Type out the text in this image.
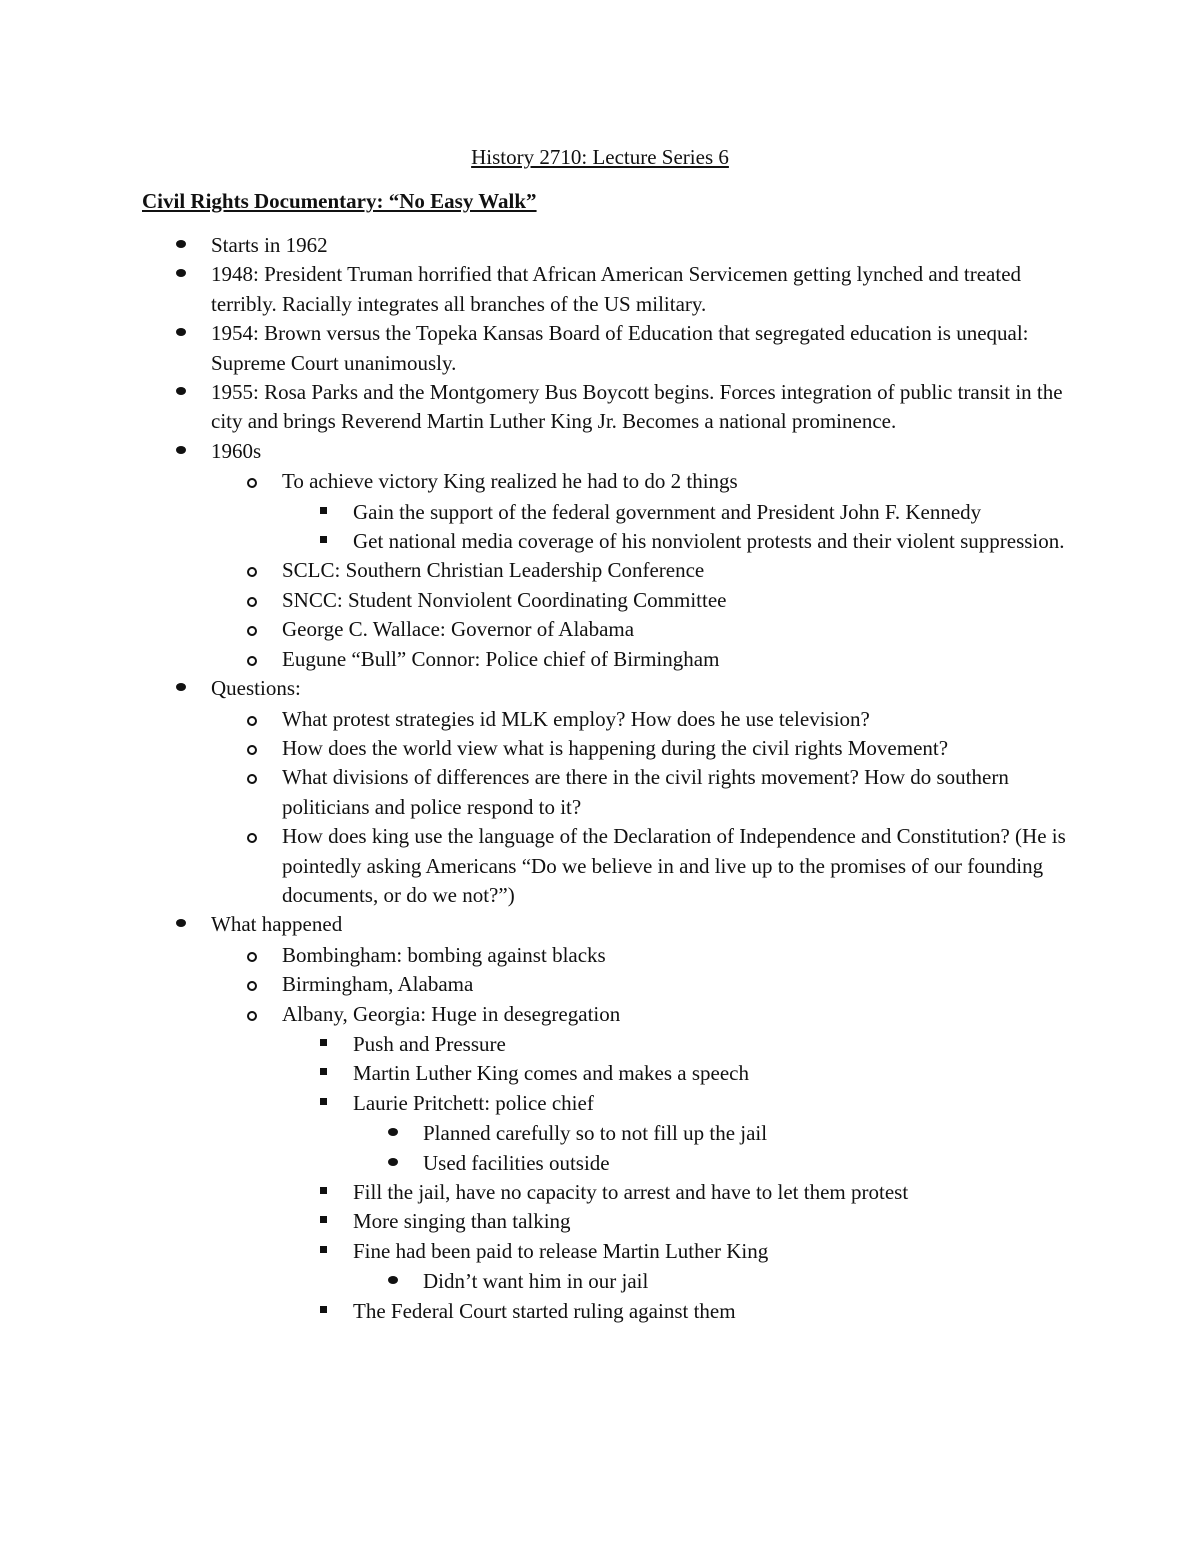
History 2710: Lecture Series 6
Civil Rights Documentary: “No Easy Walk”
Starts in 1962
1948: President Truman horrified that African American Servicemen getting lynched and treated terribly. Racially integrates all branches of the US military.
1954: Brown versus the Topeka Kansas Board of Education that segregated education is unequal: Supreme Court unanimously.
1955: Rosa Parks and the Montgomery Bus Boycott begins. Forces integration of public transit in the city and brings Reverend Martin Luther King Jr. Becomes a national prominence.
1960s
To achieve victory King realized he had to do 2 things
Gain the support of the federal government and President John F. Kennedy
Get national media coverage of his nonviolent protests and their violent suppression.
SCLC: Southern Christian Leadership Conference
SNCC: Student Nonviolent Coordinating Committee
George C. Wallace: Governor of Alabama
Eugune “Bull” Connor: Police chief of Birmingham
Questions:
What protest strategies id MLK employ? How does he use television?
How does the world view what is happening during the civil rights Movement?
What divisions of differences are there in the civil rights movement? How do southern politicians and police respond to it?
How does king use the language of the Declaration of Independence and Constitution? (He is pointedly asking Americans “Do we believe in and live up to the promises of our founding documents, or do we not?”)
What happened
Bombingham: bombing against blacks
Birmingham, Alabama
Albany, Georgia: Huge in desegregation
Push and Pressure
Martin Luther King comes and makes a speech
Laurie Pritchett: police chief
Planned carefully so to not fill up the jail
Used facilities outside
Fill the jail, have no capacity to arrest and have to let them protest
More singing than talking
Fine had been paid to release Martin Luther King
Didn’t want him in our jail
The Federal Court started ruling against them
